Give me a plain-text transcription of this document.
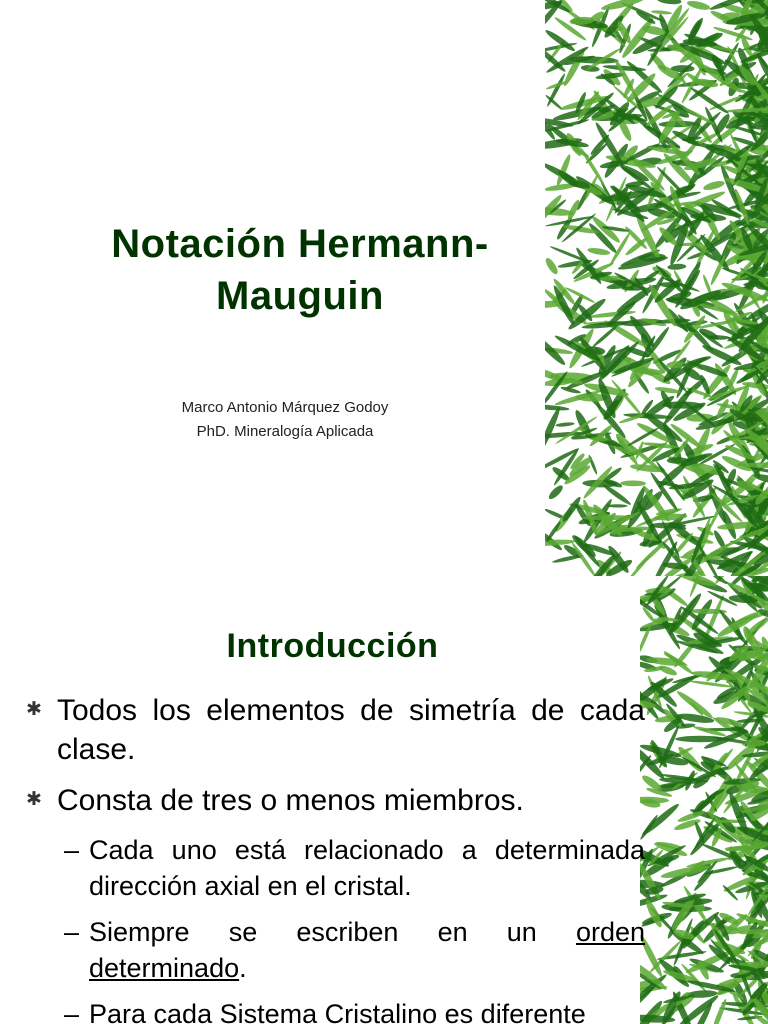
Notación Hermann-Mauguin
Marco Antonio Márquez Godoy
PhD. Mineralogía Aplicada
Introducción
✱ Todos los elementos de simetría de cada clase.
✱ Consta de tres o menos miembros.
– Cada uno está relacionado a determinada dirección axial en el cristal.
– Siempre se escriben en un orden determinado.
– Para cada Sistema Cristalino es diferente
